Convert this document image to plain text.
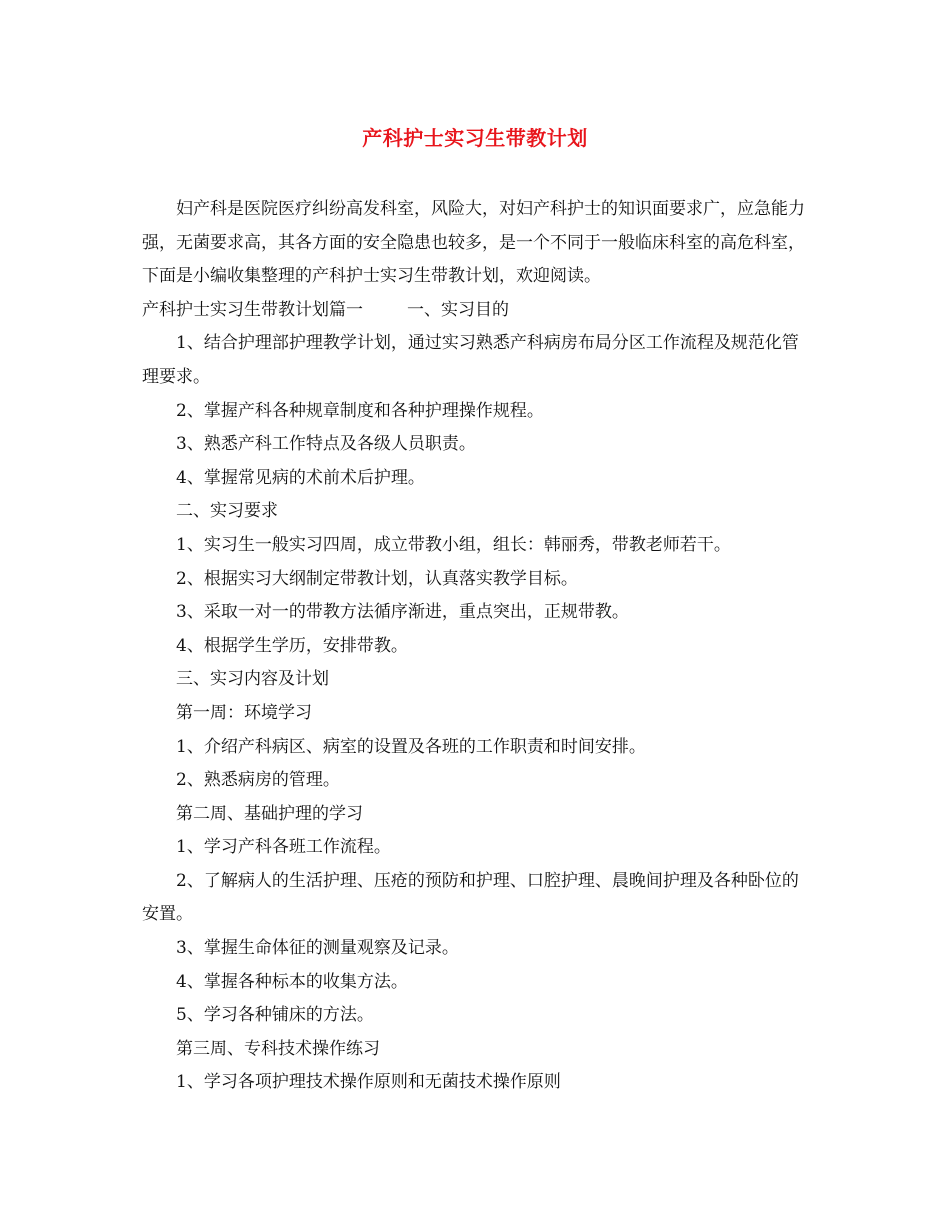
产科护士实习生带教计划

妇产科是医院医疗纠纷高发科室，风险大，对妇产科护士的知识面要求广，应急能力强，无菌要求高，其各方面的安全隐患也较多，是一个不同于一般临床科室的高危科室，下面是小编收集整理的产科护士实习生带教计划，欢迎阅读。

产科护士实习生带教计划篇一	一、实习目的

1、结合护理部护理教学计划，通过实习熟悉产科病房布局分区工作流程及规范化管理要求。

2、掌握产科各种规章制度和各种护理操作规程。

3、熟悉产科工作特点及各级人员职责。

4、掌握常见病的术前术后护理。

二、实习要求

1、实习生一般实习四周，成立带教小组，组长：韩丽秀，带教老师若干。

2、根据实习大纲制定带教计划，认真落实教学目标。

3、采取一对一的带教方法循序渐进，重点突出，正规带教。

4、根据学生学历，安排带教。

三、实习内容及计划

第一周：环境学习

1、介绍产科病区、病室的设置及各班的工作职责和时间安排。

2、熟悉病房的管理。

第二周、基础护理的学习

1、学习产科各班工作流程。

2、了解病人的生活护理、压疮的预防和护理、口腔护理、晨晚间护理及各种卧位的安置。

3、掌握生命体征的测量观察及记录。

4、掌握各种标本的收集方法。

5、学习各种铺床的方法。

第三周、专科技术操作练习

1、学习各项护理技术操作原则和无菌技术操作原则
